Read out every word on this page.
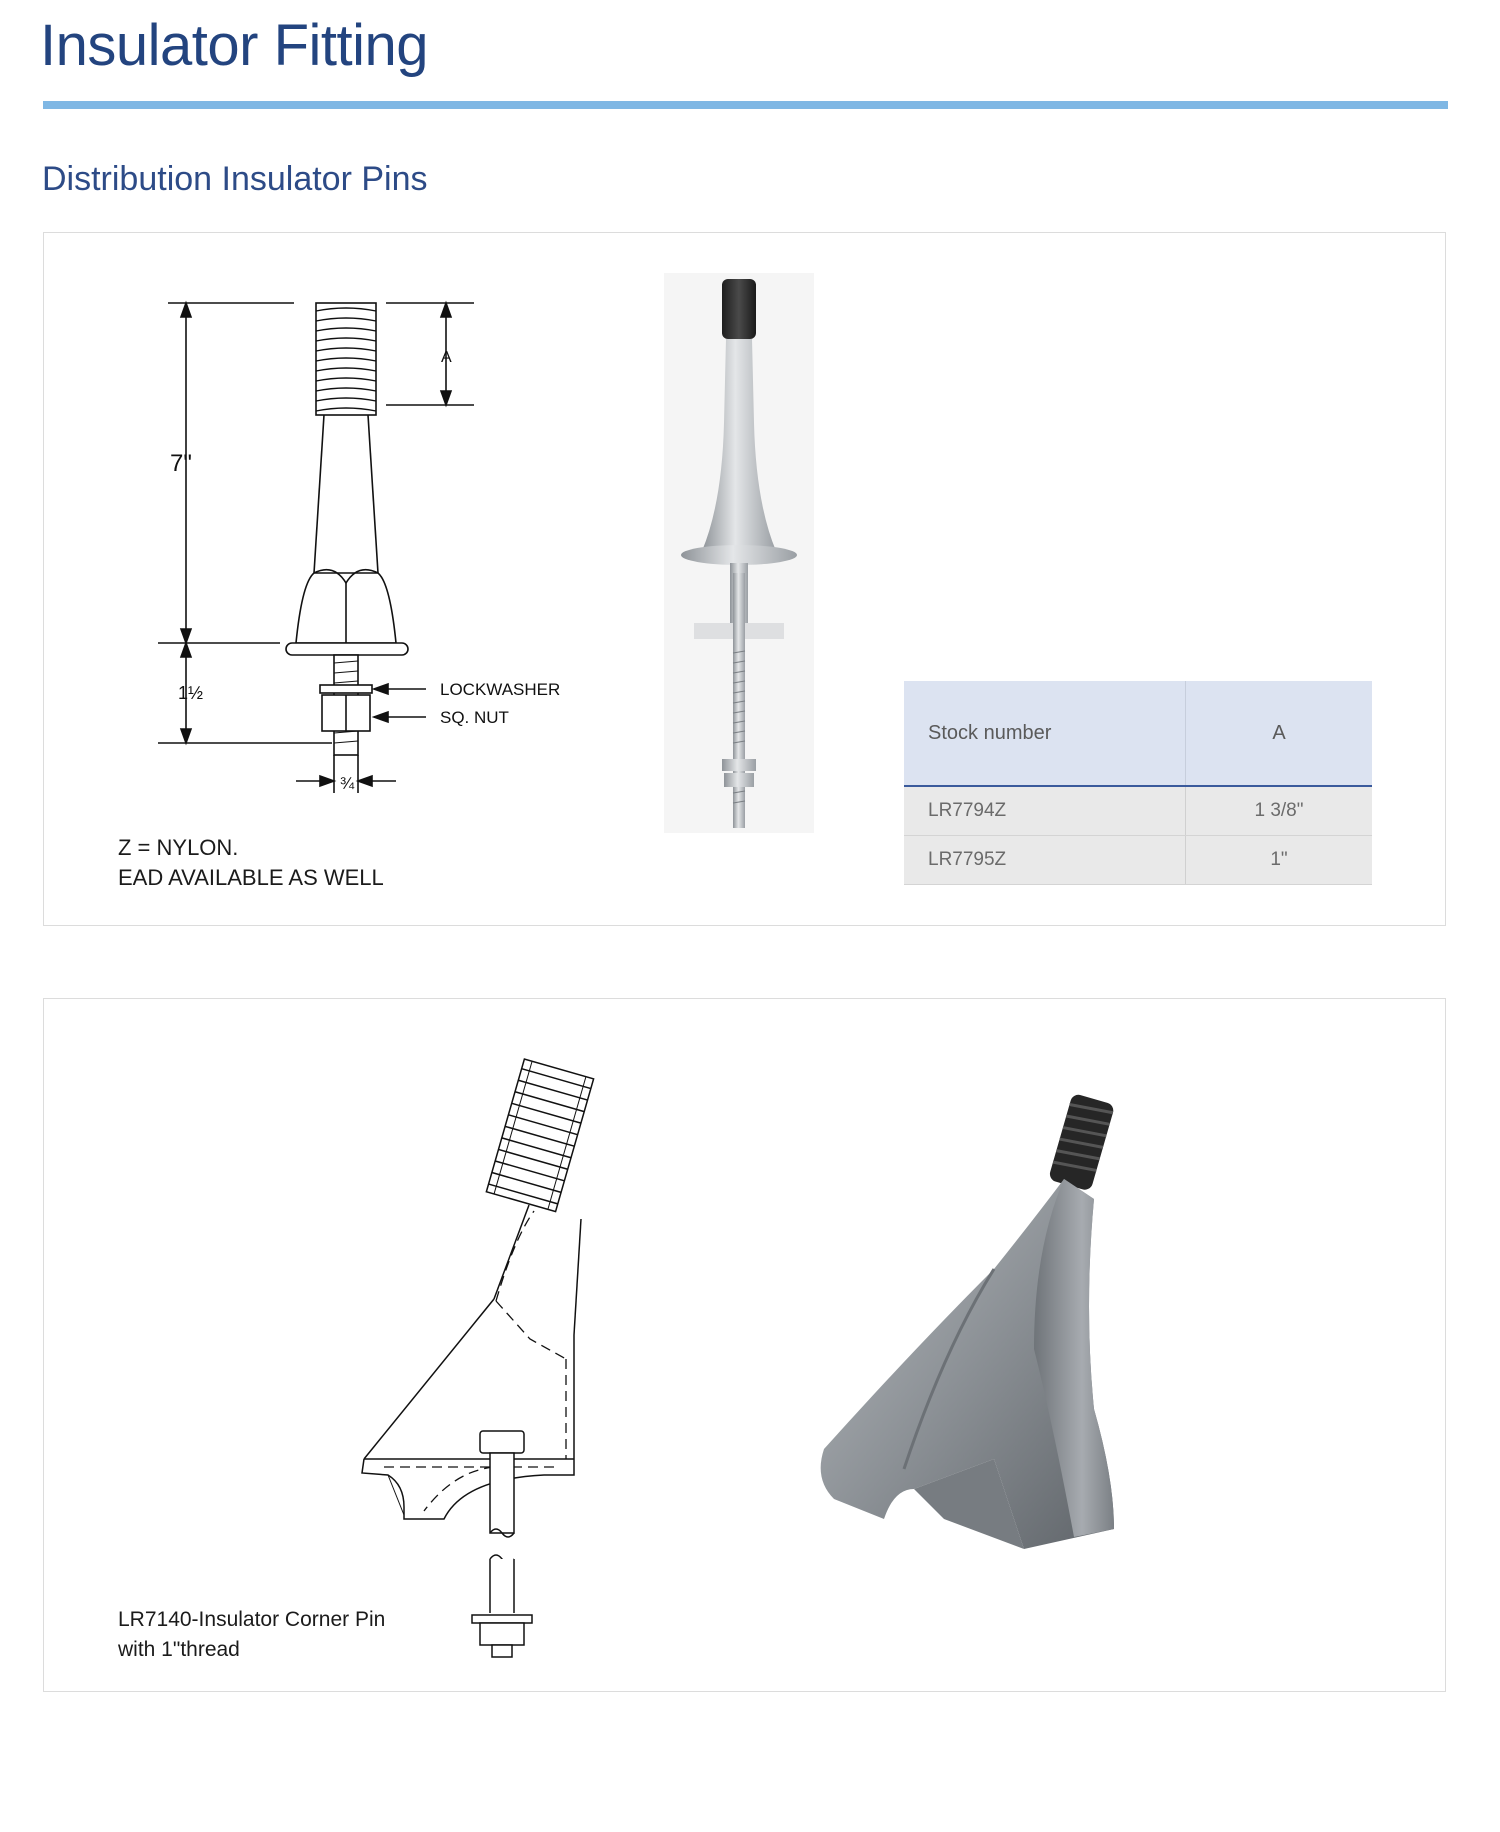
Insulator Fitting
Distribution Insulator Pins
7"
A
1½
¾
LOCKWASHER
SQ. NUT
Z = NYLON.
EAD AVAILABLE AS WELL
Stock number	A
LR7794Z	1 3/8"
LR7795Z	1"
LR7140-Insulator Corner Pin
with 1"thread
